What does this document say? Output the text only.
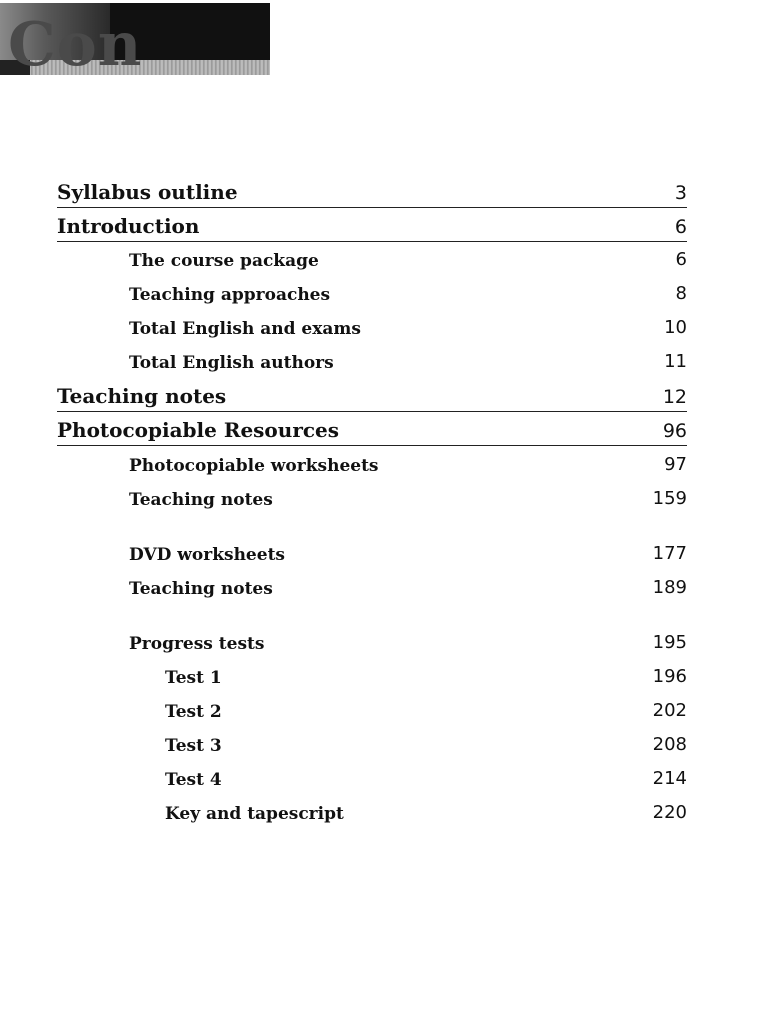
Con
Syllabus outline	3
Introduction	6
The course package	6
Teaching approaches	8
Total English and exams	10
Total English authors	11
Teaching notes	12
Photocopiable Resources	96
Photocopiable worksheets	97
Teaching notes	159
DVD worksheets	177
Teaching notes	189
Progress tests	195
Test 1	196
Test 2	202
Test 3	208
Test 4	214
Key and tapescript	220
